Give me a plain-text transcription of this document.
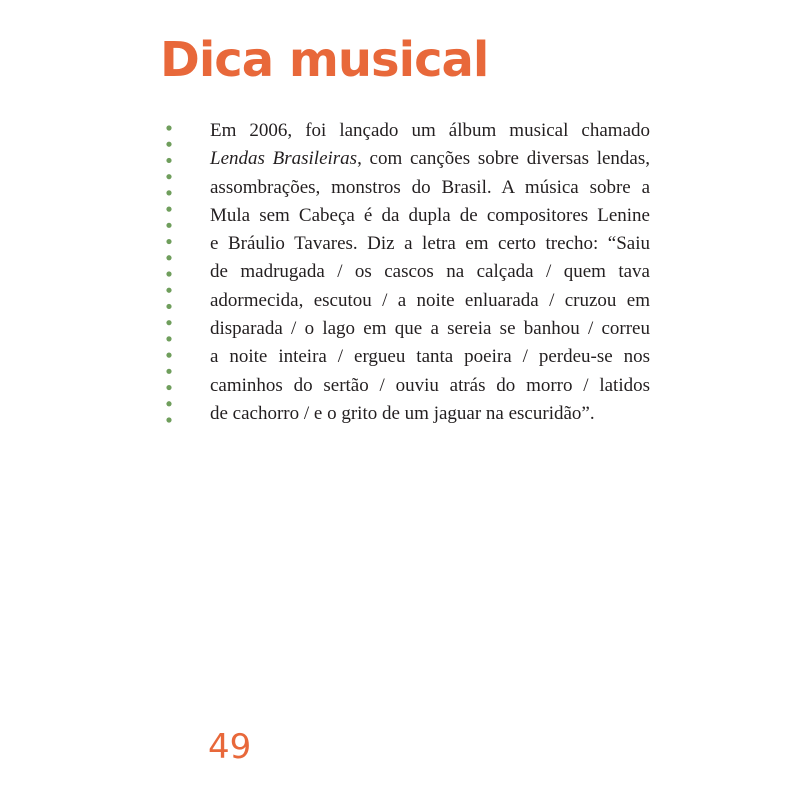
Dica musical

Em 2006, foi lançado um álbum musical chamado
Lendas Brasileiras, com canções sobre diversas lendas,
assombrações, monstros do Brasil. A música sobre a
Mula sem Cabeça é da dupla de compositores Lenine
e Bráulio Tavares. Diz a letra em certo trecho: “Saiu
de madrugada / os cascos na calçada / quem tava
adormecida, escutou / a noite enluarada / cruzou em
disparada / o lago em que a sereia se banhou / correu
a noite inteira / ergueu tanta poeira / perdeu-se nos
caminhos do sertão / ouviu atrás do morro / latidos
de cachorro / e o grito de um jaguar na escuridão”.

49
